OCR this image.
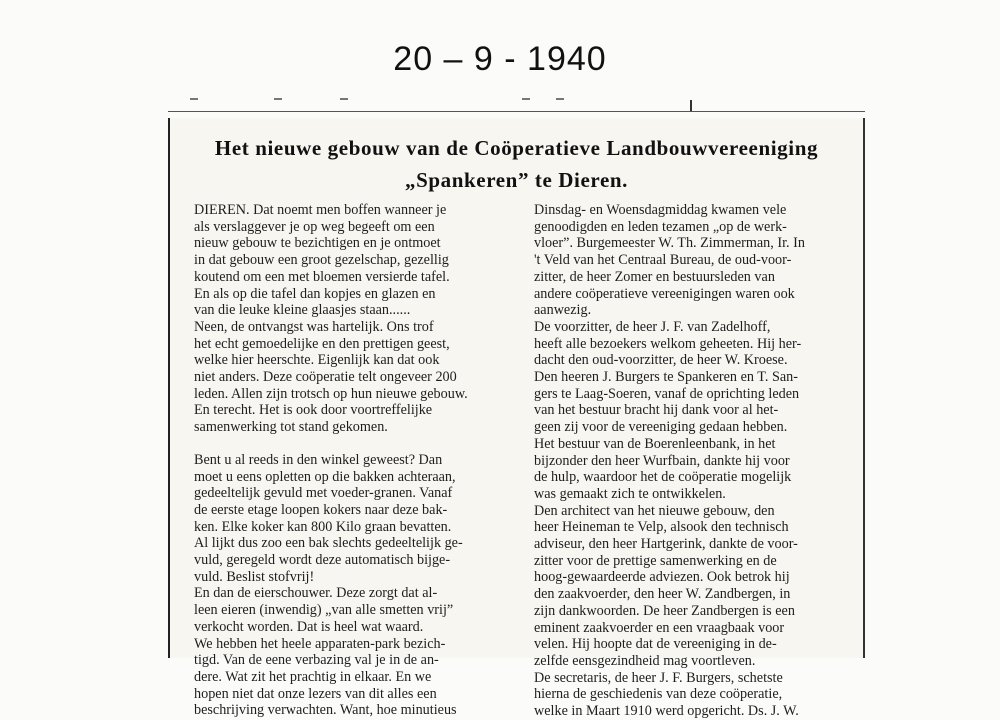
20 – 9 - 1940
Het nieuwe gebouw van de Coöperatieve Landbouwvereeniging
„Spankeren” te Dieren.
DIEREN. Dat noemt men boffen wanneer je
als verslaggever je op weg begeeft om een
nieuw gebouw te bezichtigen en je ontmoet
in dat gebouw een groot gezelschap, gezellig
koutend om een met bloemen versierde tafel.
En als op die tafel dan kopjes en glazen en
van die leuke kleine glaasjes staan......
Neen, de ontvangst was hartelijk. Ons trof
het echt gemoedelijke en den prettigen geest,
welke hier heerschte. Eigenlijk kan dat ook
niet anders. Deze coöperatie telt ongeveer 200
leden. Allen zijn trotsch op hun nieuwe gebouw.
En terecht. Het is ook door voortreffelijke
samenwerking tot stand gekomen.
Bent u al reeds in den winkel geweest? Dan
moet u eens opletten op die bakken achteraan,
gedeeltelijk gevuld met voeder-granen. Vanaf
de eerste etage loopen kokers naar deze bak-
ken. Elke koker kan 800 Kilo graan bevatten.
Al lijkt dus zoo een bak slechts gedeeltelijk ge-
vuld, geregeld wordt deze automatisch bijge-
vuld. Beslist stofvrij!
En dan de eierschouwer. Deze zorgt dat al-
leen eieren (inwendig) „van alle smetten vrij”
verkocht worden. Dat is heel wat waard.
We hebben het heele apparaten-park bezich-
tigd. Van de eene verbazing val je in de an-
dere. Wat zit het prachtig in elkaar. En we
hopen niet dat onze lezers van dit alles een
beschrijving verwachten. Want, hoe minutieus
Dinsdag- en Woensdagmiddag kwamen vele
genoodigden en leden tezamen „op de werk-
vloer”. Burgemeester W. Th. Zimmerman, Ir. In
't Veld van het Centraal Bureau, de oud-voor-
zitter, de heer Zomer en bestuursleden van
andere coöperatieve vereenigingen waren ook
aanwezig.
De voorzitter, de heer J. F. van Zadelhoff,
heeft alle bezoekers welkom geheeten. Hij her-
dacht den oud-voorzitter, de heer W. Kroese.
Den heeren J. Burgers te Spankeren en T. San-
gers te Laag-Soeren, vanaf de oprichting leden
van het bestuur bracht hij dank voor al het-
geen zij voor de vereeniging gedaan hebben.
Het bestuur van de Boerenleenbank, in het
bijzonder den heer Wurfbain, dankte hij voor
de hulp, waardoor het de coöperatie mogelijk
was gemaakt zich te ontwikkelen.
Den architect van het nieuwe gebouw, den
heer Heineman te Velp, alsook den technisch
adviseur, den heer Hartgerink, dankte de voor-
zitter voor de prettige samenwerking en de
hoog-gewaardeerde adviezen. Ook betrok hij
den zaakvoerder, den heer W. Zandbergen, in
zijn dankwoorden. De heer Zandbergen is een
eminent zaakvoerder en een vraagbaak voor
velen. Hij hoopte dat de vereeniging in de-
zelfde eensgezindheid mag voortleven.
De secretaris, de heer J. F. Burgers, schetste
hierna de geschiedenis van deze coöperatie,
welke in Maart 1910 werd opgericht. Ds. J. W.
